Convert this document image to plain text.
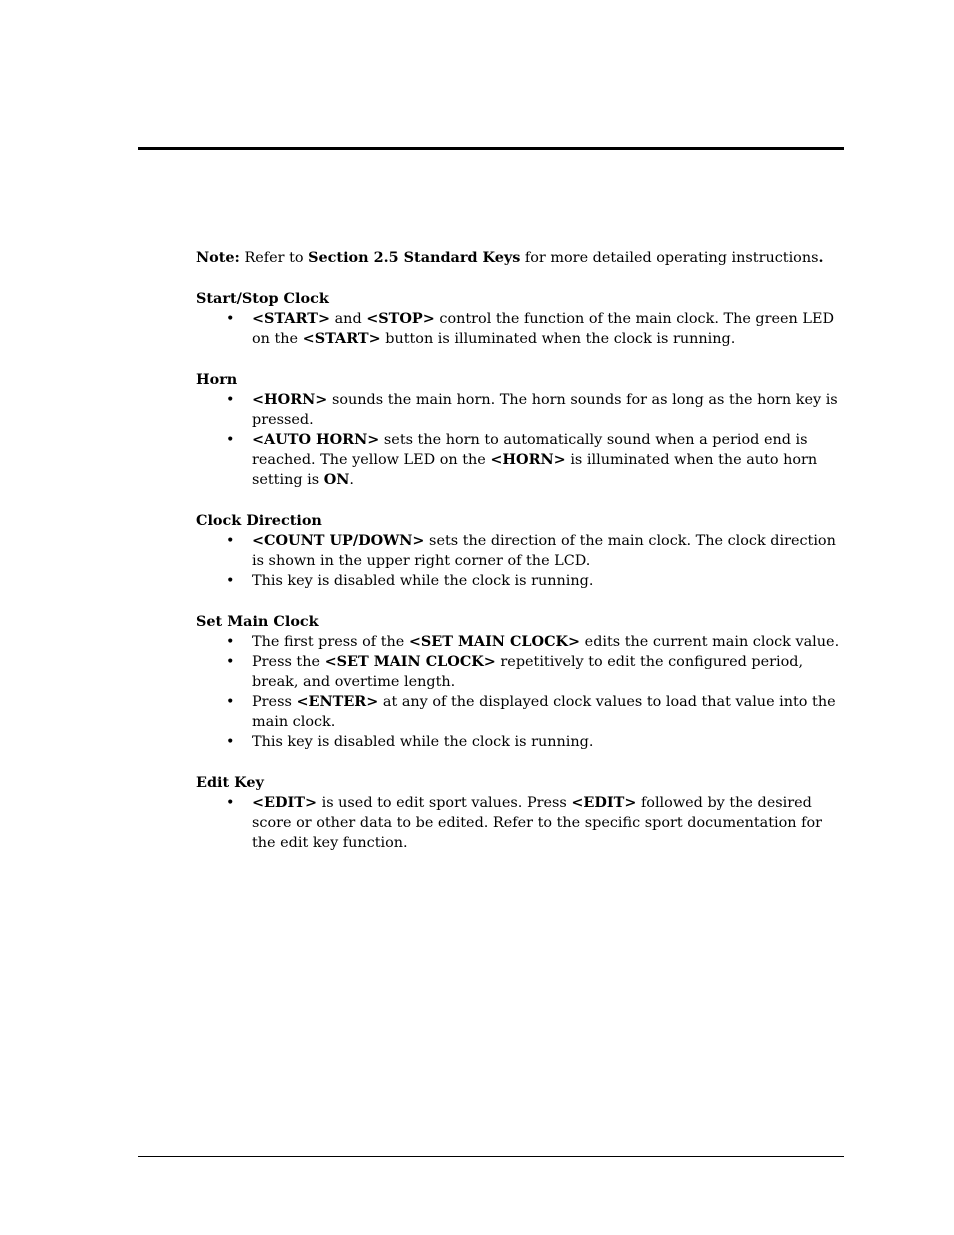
Note: Refer to Section 2.5 Standard Keys for more detailed operating instructions.

Start/Stop Clock

• <START> and <STOP> control the function of the main clock. The green LED on the <START> button is illuminated when the clock is running.

Horn

• <HORN> sounds the main horn. The horn sounds for as long as the horn key is pressed.
• <AUTO HORN> sets the horn to automatically sound when a period end is reached. The yellow LED on the <HORN> is illuminated when the auto horn setting is ON.

Clock Direction

• <COUNT UP/DOWN> sets the direction of the main clock. The clock direction is shown in the upper right corner of the LCD.
• This key is disabled while the clock is running.

Set Main Clock

• The first press of the <SET MAIN CLOCK> edits the current main clock value.
• Press the <SET MAIN CLOCK> repetitively to edit the configured period, break, and overtime length.
• Press <ENTER> at any of the displayed clock values to load that value into the main clock.
• This key is disabled while the clock is running.

Edit Key

• <EDIT> is used to edit sport values. Press <EDIT> followed by the desired score or other data to be edited. Refer to the specific sport documentation for the edit key function.
